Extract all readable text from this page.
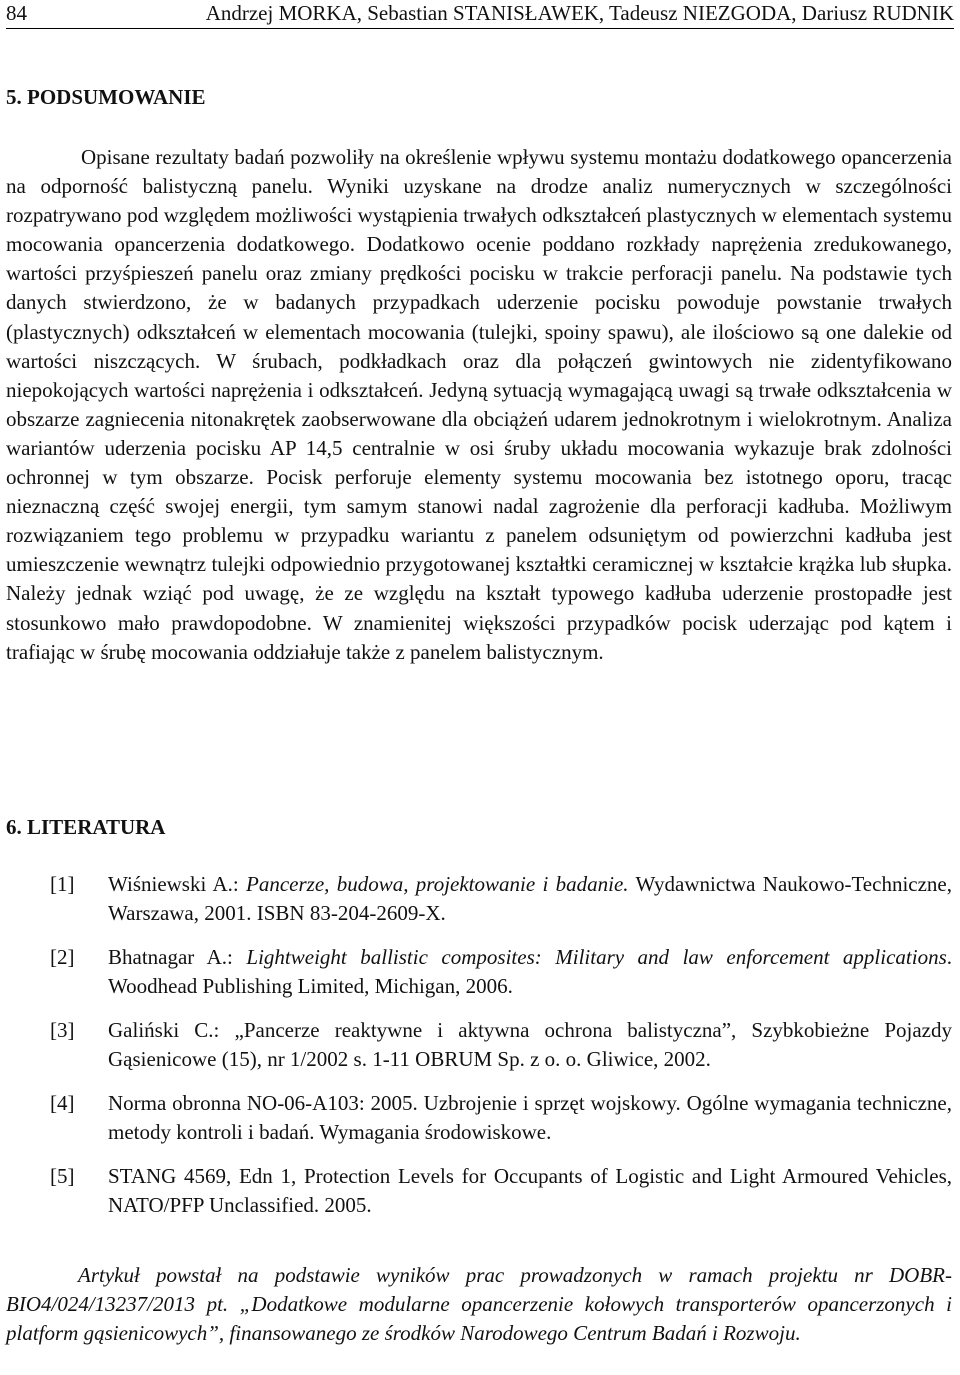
84	Andrzej MORKA, Sebastian STANISŁAWEK, Tadeusz NIEZGODA, Dariusz RUDNIK
5. PODSUMOWANIE

Opisane rezultaty badań pozwoliły na określenie wpływu systemu montażu dodatkowego opancerzenia na odporność balistyczną panelu. Wyniki uzyskane na drodze analiz numerycznych w szczególności rozpatrywano pod względem możliwości wystąpienia trwałych odkształceń plastycznych w elementach systemu mocowania opancerzenia dodatkowego. Dodatkowo ocenie poddano rozkłady naprężenia zredukowanego, wartości przyśpieszeń panelu oraz zmiany prędkości pocisku w trakcie perforacji panelu. Na podstawie tych danych stwierdzono, że w badanych przypadkach uderzenie pocisku powoduje powstanie trwałych (plastycznych) odkształceń w elementach mocowania (tulejki, spoiny spawu), ale ilościowo są one dalekie od wartości niszczących. W śrubach, podkładkach oraz dla połączeń gwintowych nie zidentyfikowano niepokojących wartości naprężenia i odkształceń. Jedyną sytuacją wymagającą uwagi są trwałe odkształcenia w obszarze zagniecenia nitonakrętek zaobserwowane dla obciążeń udarem jednokrotnym i wielokrotnym. Analiza wariantów uderzenia pocisku AP 14,5 centralnie w osi śruby układu mocowania wykazuje brak zdolności ochronnej w tym obszarze. Pocisk perforuje elementy systemu mocowania bez istotnego oporu, tracąc nieznaczną część swojej energii, tym samym stanowi nadal zagrożenie dla perforacji kadłuba. Możliwym rozwiązaniem tego problemu w przypadku wariantu z panelem odsuniętym od powierzchni kadłuba jest umieszczenie wewnątrz tulejki odpowiednio przygotowanej kształtki ceramicznej w kształcie krążka lub słupka. Należy jednak wziąć pod uwagę, że ze względu na kształt typowego kadłuba uderzenie prostopadłe jest stosunkowo mało prawdopodobne. W znamienitej większości przypadków pocisk uderzając pod kątem i trafiając w śrubę mocowania oddziałuje także z panelem balistycznym.

6. LITERATURA
[1] Wiśniewski A.: Pancerze, budowa, projektowanie i badanie. Wydawnictwa Naukowo-Techniczne, Warszawa, 2001. ISBN 83-204-2609-X.
[2] Bhatnagar A.: Lightweight ballistic composites: Military and law enforcement applications. Woodhead Publishing Limited, Michigan, 2006.
[3] Galiński C.: „Pancerze reaktywne i aktywna ochrona balistyczna”, Szybkobieżne Pojazdy Gąsienicowe (15), nr 1/2002 s. 1-11 OBRUM Sp. z o. o. Gliwice, 2002.
[4] Norma obronna NO-06-A103: 2005. Uzbrojenie i sprzęt wojskowy. Ogólne wymagania techniczne, metody kontroli i badań. Wymagania środowiskowe.
[5] STANG 4569, Edn 1, Protection Levels for Occupants of Logistic and Light Armoured Vehicles, NATO/PFP Unclassified. 2005.

Artykuł powstał na podstawie wyników prac prowadzonych w ramach projektu nr DOBR-BIO4/024/13237/2013 pt. „Dodatkowe modularne opancerzenie kołowych transporterów opancerzonych i platform gąsienicowych”, finansowanego ze środków Narodowego Centrum Badań i Rozwoju.
